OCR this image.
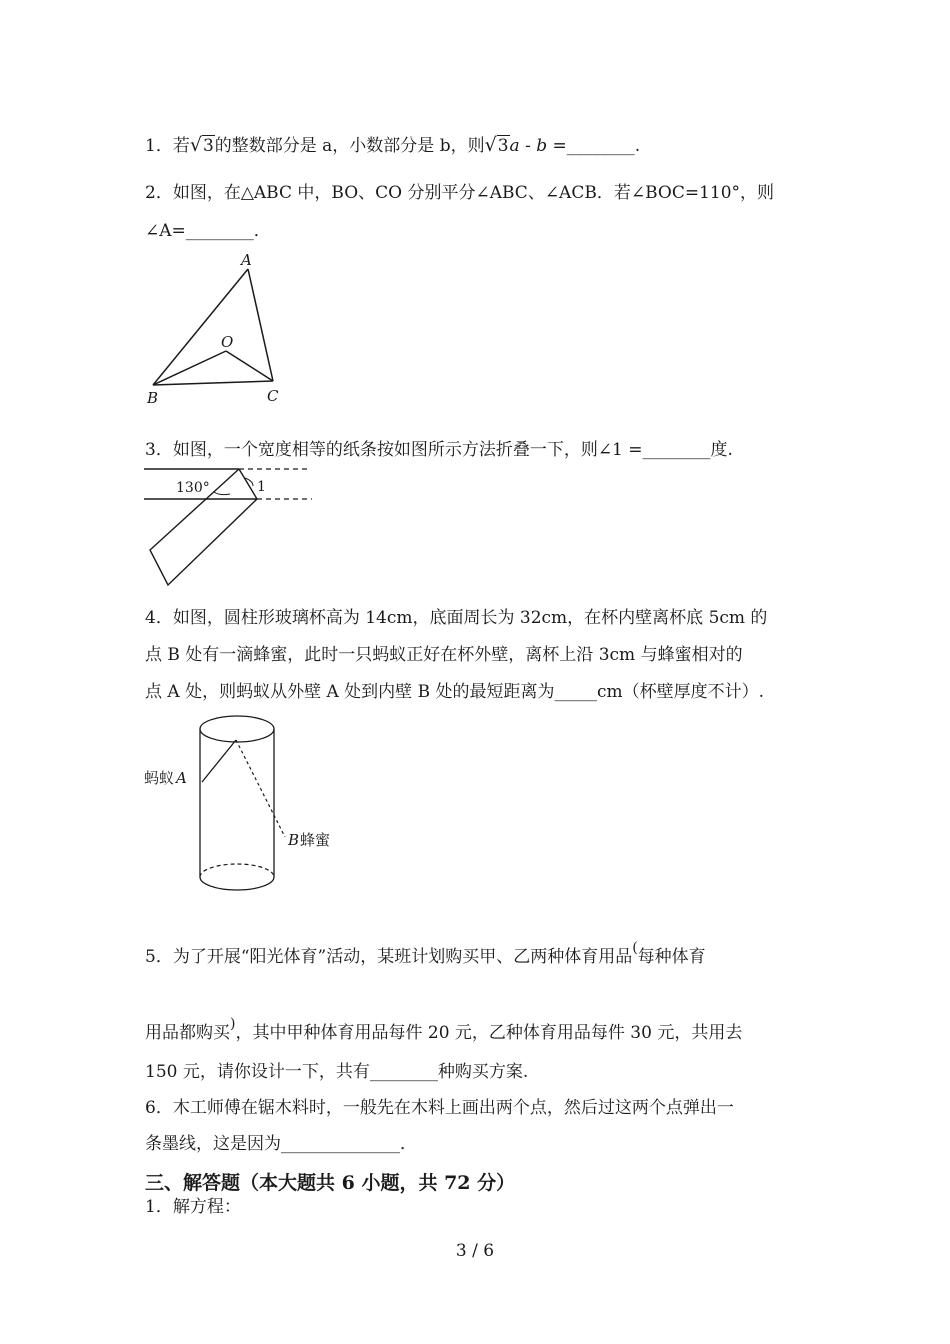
1．若√3的整数部分是 a，小数部分是 b，则√3a - b =________.
2．如图，在△ABC 中，BO、CO 分别平分∠ABC、∠ACB．若∠BOC=110°，则
∠A=________．
A
O
B	C
3．如图，一个宽度相等的纸条按如图所示方法折叠一下，则∠1 =________度.
130°	1
4．如图，圆柱形玻璃杯高为 14cm，底面周长为 32cm，在杯内壁离杯底 5cm 的
点 B 处有一滴蜂蜜，此时一只蚂蚁正好在杯外壁，离杯上沿 3cm 与蜂蜜相对的
点 A 处，则蚂蚁从外壁 A 处到内壁 B 处的最短距离为_____cm（杯壁厚度不计）.
蚂蚁 A
B 蜂蜜
5．为了开展“阳光体育”活动，某班计划购买甲、乙两种体育用品(每种体育
用品都购买)，其中甲种体育用品每件 20 元，乙种体育用品每件 30 元，共用去
150 元，请你设计一下，共有________种购买方案.
6．木工师傅在锯木料时，一般先在木料上画出两个点，然后过这两个点弹出一
条墨线，这是因为______________．
三、解答题（本大题共 6 小题，共 72 分）
1．解方程：
3 / 6
